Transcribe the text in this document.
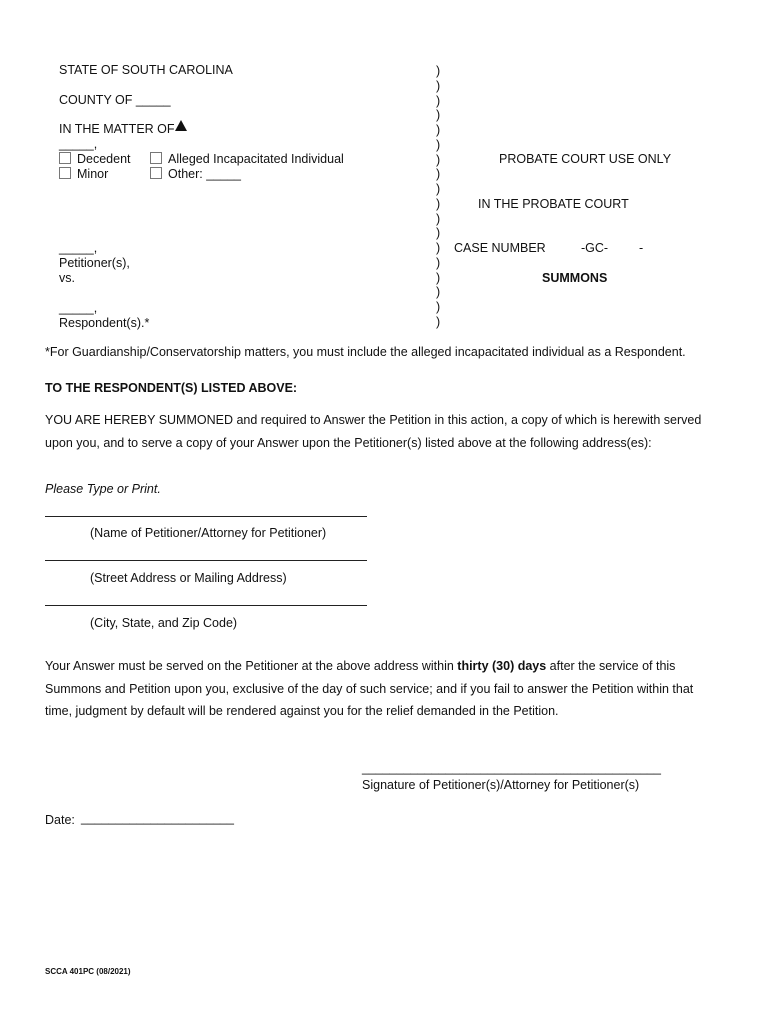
STATE OF SOUTH CAROLINA
COUNTY OF _____
IN THE MATTER OF
_____,
Decedent
Minor
Alleged Incapacitated Individual
Other: _____
_____,
Petitioner(s),
vs.
_____,
Respondent(s).*
)
)
)
)
)
)
)
)
)
)
)
)
)
)
)
)
)
)
PROBATE COURT USE ONLY
IN THE PROBATE COURT
CASE NUMBER	-GC- -
SUMMONS
*For Guardianship/Conservatorship matters, you must include the alleged incapacitated individual as a Respondent.
TO THE RESPONDENT(S) LISTED ABOVE:
YOU ARE HEREBY SUMMONED and required to Answer the Petition in this action, a copy of which is herewith served upon you, and to serve a copy of your Answer upon the Petitioner(s) listed above at the following address(es):
Please Type or Print.
(Name of Petitioner/Attorney for Petitioner)
(Street Address or Mailing Address)
(City, State, and Zip Code)
Your Answer must be served on the Petitioner at the above address within thirty (30) days after the service of this Summons and Petition upon you, exclusive of the day of such service; and if you fail to answer the Petition within that time, judgment by default will be rendered against you for the relief demanded in the Petition.
___________________________________________
Signature of Petitioner(s)/Attorney for Petitioner(s)
Date: ______________________
SCCA 401PC (08/2021)
